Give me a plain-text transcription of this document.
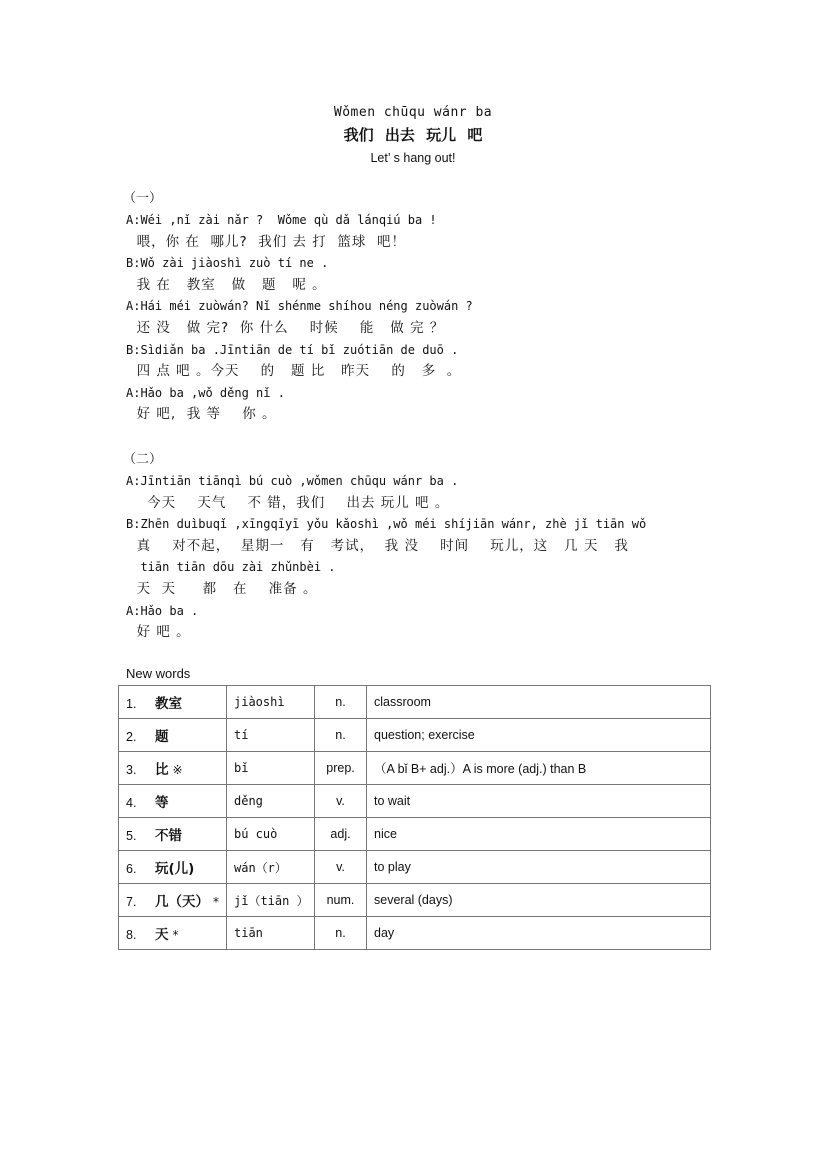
Wǒmen chūqu wánr ba
我们 出去 玩儿 吧
Let’ s hang out!
（一）
A:Wéi ,nǐ zài nǎr ?  Wǒme qù dǎ lánqiú ba !
喂，你 在  哪儿?  我们 去 打  篮球  吧！
B:Wǒ zài jiàoshì zuò tí ne .
我 在   教室   做   题   呢 。
A:Hái méi zuòwán? Nǐ shénme shíhou néng zuòwán ?
还 没   做 完?  你 什么    时候    能   做 完 ？
B:Sìdiǎn ba .Jīntiān de tí bǐ zuótiān de duō .
四 点 吧 。今天    的   题 比   昨天    的   多  。
A:Hǎo ba ,wǒ děng nǐ .
好 吧,  我 等    你 。
（二）
A:Jīntiān tiānqì bú cuò ,wǒmen chūqu wánr ba .
今天    天气    不 错，我们    出去 玩儿 吧 。
B:Zhēn duìbuqǐ ,xīngqīyī yǒu kǎoshì ,wǒ méi shíjiān wánr, zhè jǐ tiān wǒ
真    对不起，  星期一   有   考试，  我 没    时间    玩儿，这   几 天   我
tiān tiān dōu zài zhǔnbèi .
天  天     都   在    准备 。
A:Hǎo ba .
好 吧 。
New words
1. 教室	jiàoshì	n.	classroom
2. 题	tí	n.	question; exercise
3. 比 ※	bǐ	prep.	（A bǐ B+ adj.）A is more (adj.) than B
4. 等	děng	v.	to wait
5. 不错	bú cuò	adj.	nice
6. 玩(儿)	wán（r）	v.	to play
7. 几（天） *	jǐ（tiān ）	num.	several (days)
8. 天 *	tiān	n.	day
